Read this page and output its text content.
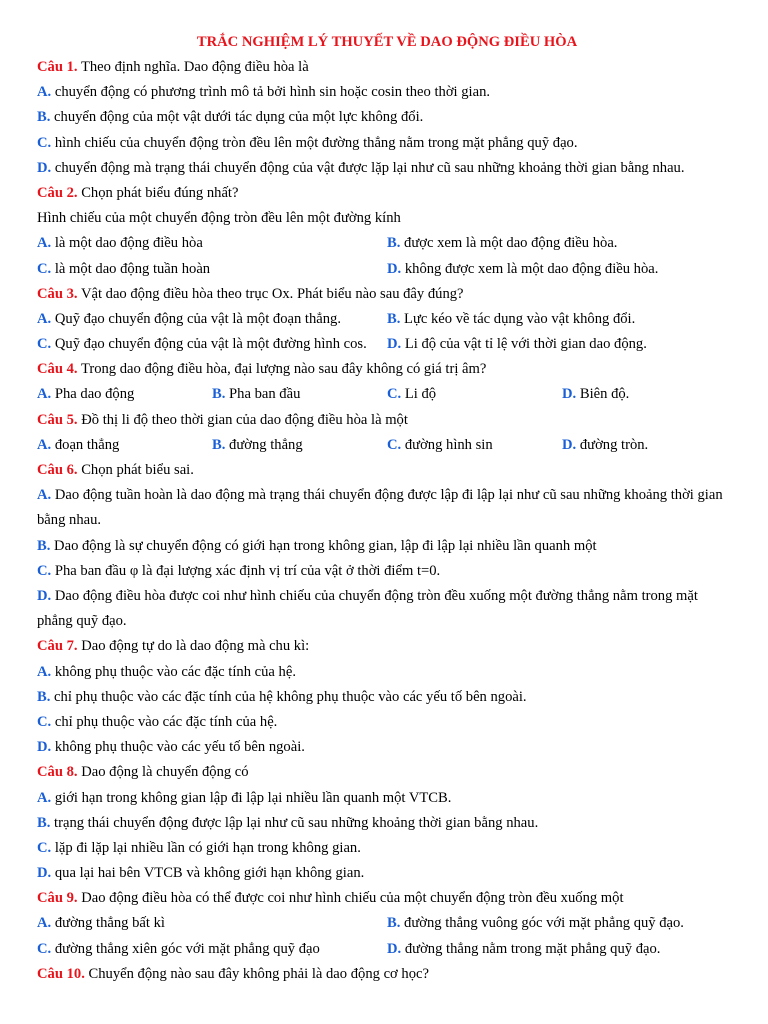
TRẮC NGHIỆM LÝ THUYẾT VỀ DAO ĐỘNG ĐIỀU HÒA
Câu 1. Theo định nghĩa. Dao động điều hòa là
A. chuyển động có phương trình mô tả bởi hình sin hoặc cosin theo thời gian.
B. chuyển động của một vật dưới tác dụng của một lực không đổi.
C. hình chiếu của chuyển động tròn đều lên một đường thẳng nằm trong mặt phẳng quỹ đạo.
D. chuyển động mà trạng thái chuyển động của vật được lặp lại như cũ sau những khoảng thời gian bằng nhau.
Câu 2. Chọn phát biểu đúng nhất?
Hình chiếu của một chuyển động tròn đều lên một đường kính
A. là một dao động điều hòa	B. được xem là một dao động điều hòa.
C. là một dao động tuần hoàn	D. không được xem là một dao động điều hòa.
Câu 3. Vật dao động điều hòa theo trục Ox. Phát biểu nào sau đây đúng?
A. Quỹ đạo chuyển động của vật là một đoạn thẳng.	B. Lực kéo về tác dụng vào vật không đổi.
C. Quỹ đạo chuyển động của vật là một đường hình cos.	D. Li độ của vật tỉ lệ với thời gian dao động.
Câu 4. Trong dao động điều hòa, đại lượng nào sau đây không có giá trị âm?
A. Pha dao động	B. Pha ban đầu	C. Li độ	D. Biên độ.
Câu 5. Đồ thị li độ theo thời gian của dao động điều hòa là một
A. đoạn thẳng	B. đường thẳng	C. đường hình sin	D. đường tròn.
Câu 6. Chọn phát biểu sai.
A. Dao động tuần hoàn là dao động mà trạng thái chuyển động được lập đi lập lại như cũ sau những khoảng thời gian bằng nhau.
B. Dao động là sự chuyển động có giới hạn trong không gian, lập đi lập lại nhiều lần quanh một
C. Pha ban đầu φ là đại lượng xác định vị trí của vật ở thời điểm t=0.
D. Dao động điều hòa được coi như hình chiếu của chuyển động tròn đều xuống một đường thẳng nằm trong mặt phẳng quỹ đạo.
Câu 7. Dao động tự do là dao động mà chu kì:
A. không phụ thuộc vào các đặc tính của hệ.
B. chỉ phụ thuộc vào các đặc tính của hệ không phụ thuộc vào các yếu tố bên ngoài.
C. chỉ phụ thuộc vào các đặc tính của hệ.
D. không phụ thuộc vào các yếu tố bên ngoài.
Câu 8. Dao động là chuyển động có
A. giới hạn trong không gian lập đi lập lại nhiều lần quanh một VTCB.
B. trạng thái chuyển động được lập lại như cũ sau những khoảng thời gian bằng nhau.
C. lặp đi lặp lại nhiều lần có giới hạn trong không gian.
D. qua lại hai bên VTCB và không giới hạn không gian.
Câu 9. Dao động điều hòa có thể được coi như hình chiếu của một chuyển động tròn đều xuống một
A. đường thẳng bất kì	B. đường thẳng vuông góc với mặt phẳng quỹ đạo.
C. đường thẳng xiên góc với mặt phẳng quỹ đạo	D. đường thẳng nằm trong mặt phẳng quỹ đạo.
Câu 10. Chuyển động nào sau đây không phải là dao động cơ học?
